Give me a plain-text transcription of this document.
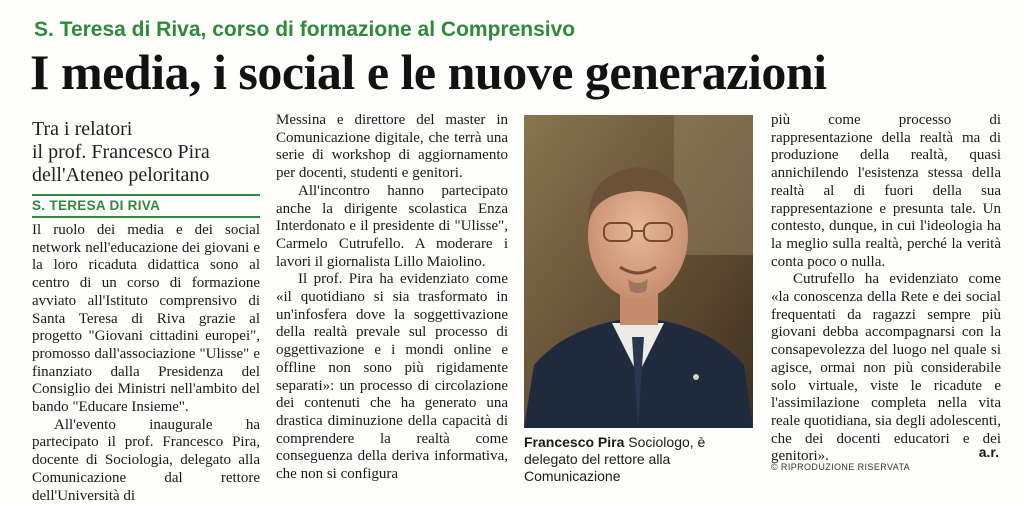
S. Teresa di Riva, corso di formazione al Comprensivo
I media, i social e le nuove generazioni
Tra i relatori
il prof. Francesco Pira
dell'Ateneo peloritano
S. TERESA DI RIVA

Il ruolo dei media e dei social network nell'educazione dei giovani e la loro ricaduta didattica sono al centro di un corso di formazione avviato all'Istituto comprensivo di Santa Teresa di Riva grazie al progetto "Giovani cittadini europei", promosso dall'associazione "Ulisse" e finanziato dalla Presidenza del Consiglio dei Ministri nell'ambito del bando "Educare Insieme".

All'evento inaugurale ha partecipato il prof. Francesco Pira, docente di Sociologia, delegato alla Comunicazione dal rettore dell'Università di

Messina e direttore del master in Comunicazione digitale, che terrà una serie di workshop di aggiornamento per docenti, studenti e genitori.

All'incontro hanno partecipato anche la dirigente scolastica Enza Interdonato e il presidente di "Ulisse", Carmelo Cutrufello. A moderare i lavori il giornalista Lillo Maiolino.

Il prof. Pira ha evidenziato come «il quotidiano si sia trasformato in un'infosfera dove la soggettivazione della realtà prevale sul processo di oggettivazione e i mondi online e offline non sono più rigidamente separati»: un processo di circolazione dei contenuti che ha generato una drastica diminuzione della capacità di comprendere la realtà come conseguenza della deriva informativa, che non si configura

Francesco Pira Sociologo, è delegato del rettore alla Comunicazione

più come processo di rappresentazione della realtà ma di produzione della realtà, quasi annichilendo l'esistenza stessa della realtà al di fuori della sua rappresentazione e presunta tale. Un contesto, dunque, in cui l'ideologia ha la meglio sulla realtà, perché la verità conta poco o nulla.

Cutrufello ha evidenziato come «la conoscenza della Rete e dei social frequentati da ragazzi sempre più giovani debba accompagnarsi con la consapevolezza del luogo nel quale si agisce, ormai non più considerabile solo virtuale, viste le ricadute e l'assimilazione completa nella vita reale quotidiana, sia degli adolescenti, che dei docenti educatori e dei genitori».	a.r.
© RIPRODUZIONE RISERVATA
